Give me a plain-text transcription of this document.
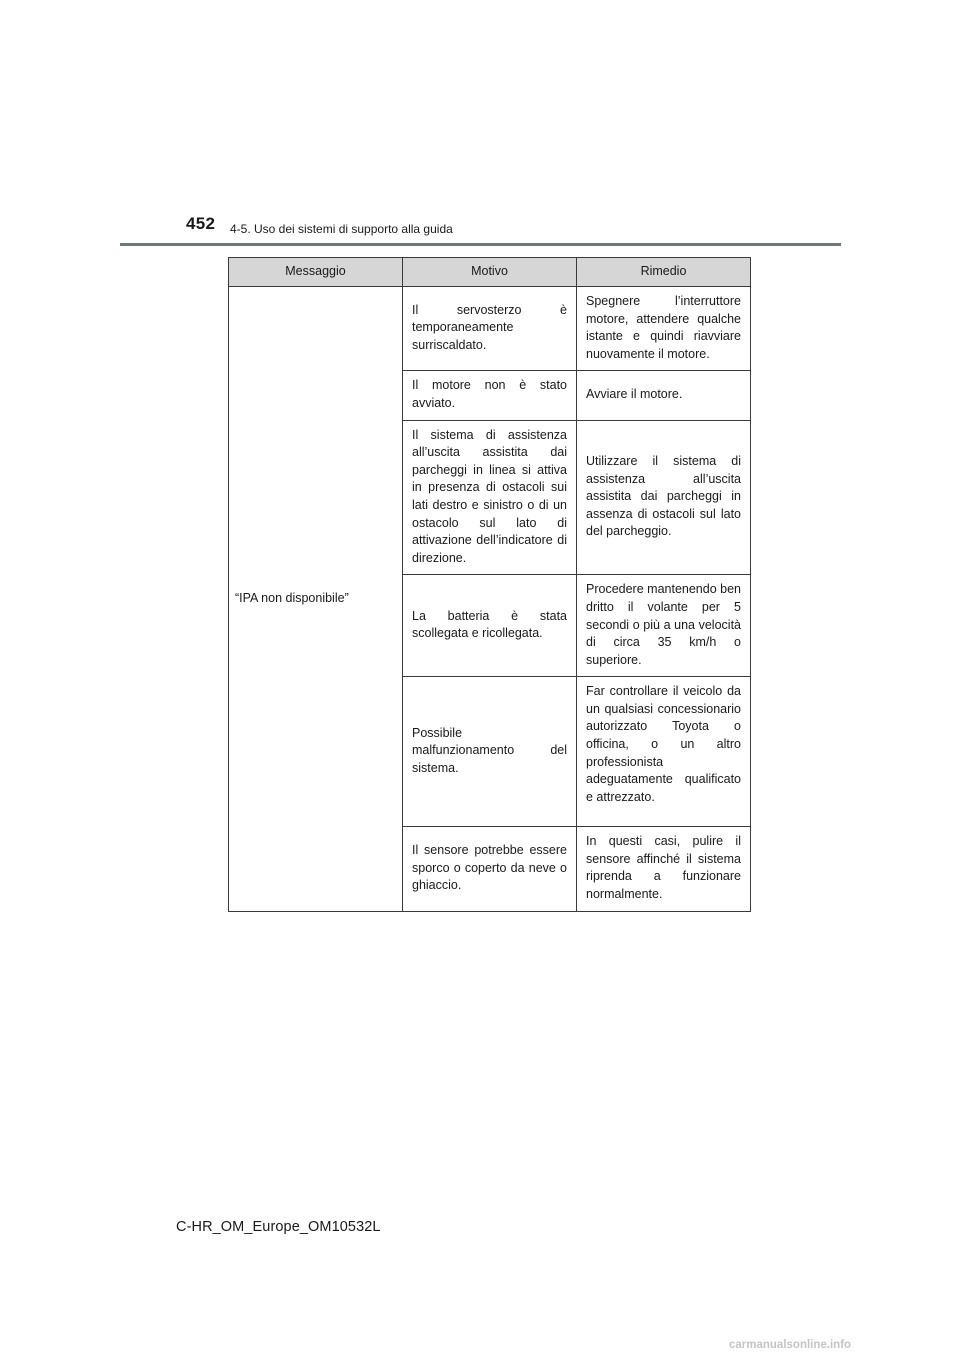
452 4-5. Uso dei sistemi di supporto alla guida
Messaggio	Motivo	Rimedio
“IPA non disponibile”	Il servosterzo è temporaneamente surriscaldato.	Spegnere l’interruttore motore, attendere qualche istante e quindi riavviare nuovamente il motore.
	Il motore non è stato avviato.	Avviare il motore.
	Il sistema di assistenza all’uscita assistita dai parcheggi in linea si attiva in presenza di ostacoli sui lati destro e sinistro o di un ostacolo sul lato di attivazione dell’indicatore di direzione.	Utilizzare il sistema di assistenza all’uscita assistita dai parcheggi in assenza di ostacoli sul lato del parcheggio.
	La batteria è stata scollegata e ricollegata.	Procedere mantenendo ben dritto il volante per 5 secondi o più a una velocità di circa 35 km/h o superiore.
	Possibile malfunzionamento del sistema.	Far controllare il veicolo da un qualsiasi concessionario autorizzato Toyota o officina, o un altro professionista adeguatamente qualificato e attrezzato.
	Il sensore potrebbe essere sporco o coperto da neve o ghiaccio.	In questi casi, pulire il sensore affinché il sistema riprenda a funzionare normalmente.
C-HR_OM_Europe_OM10532L
carmanualsonline.info
